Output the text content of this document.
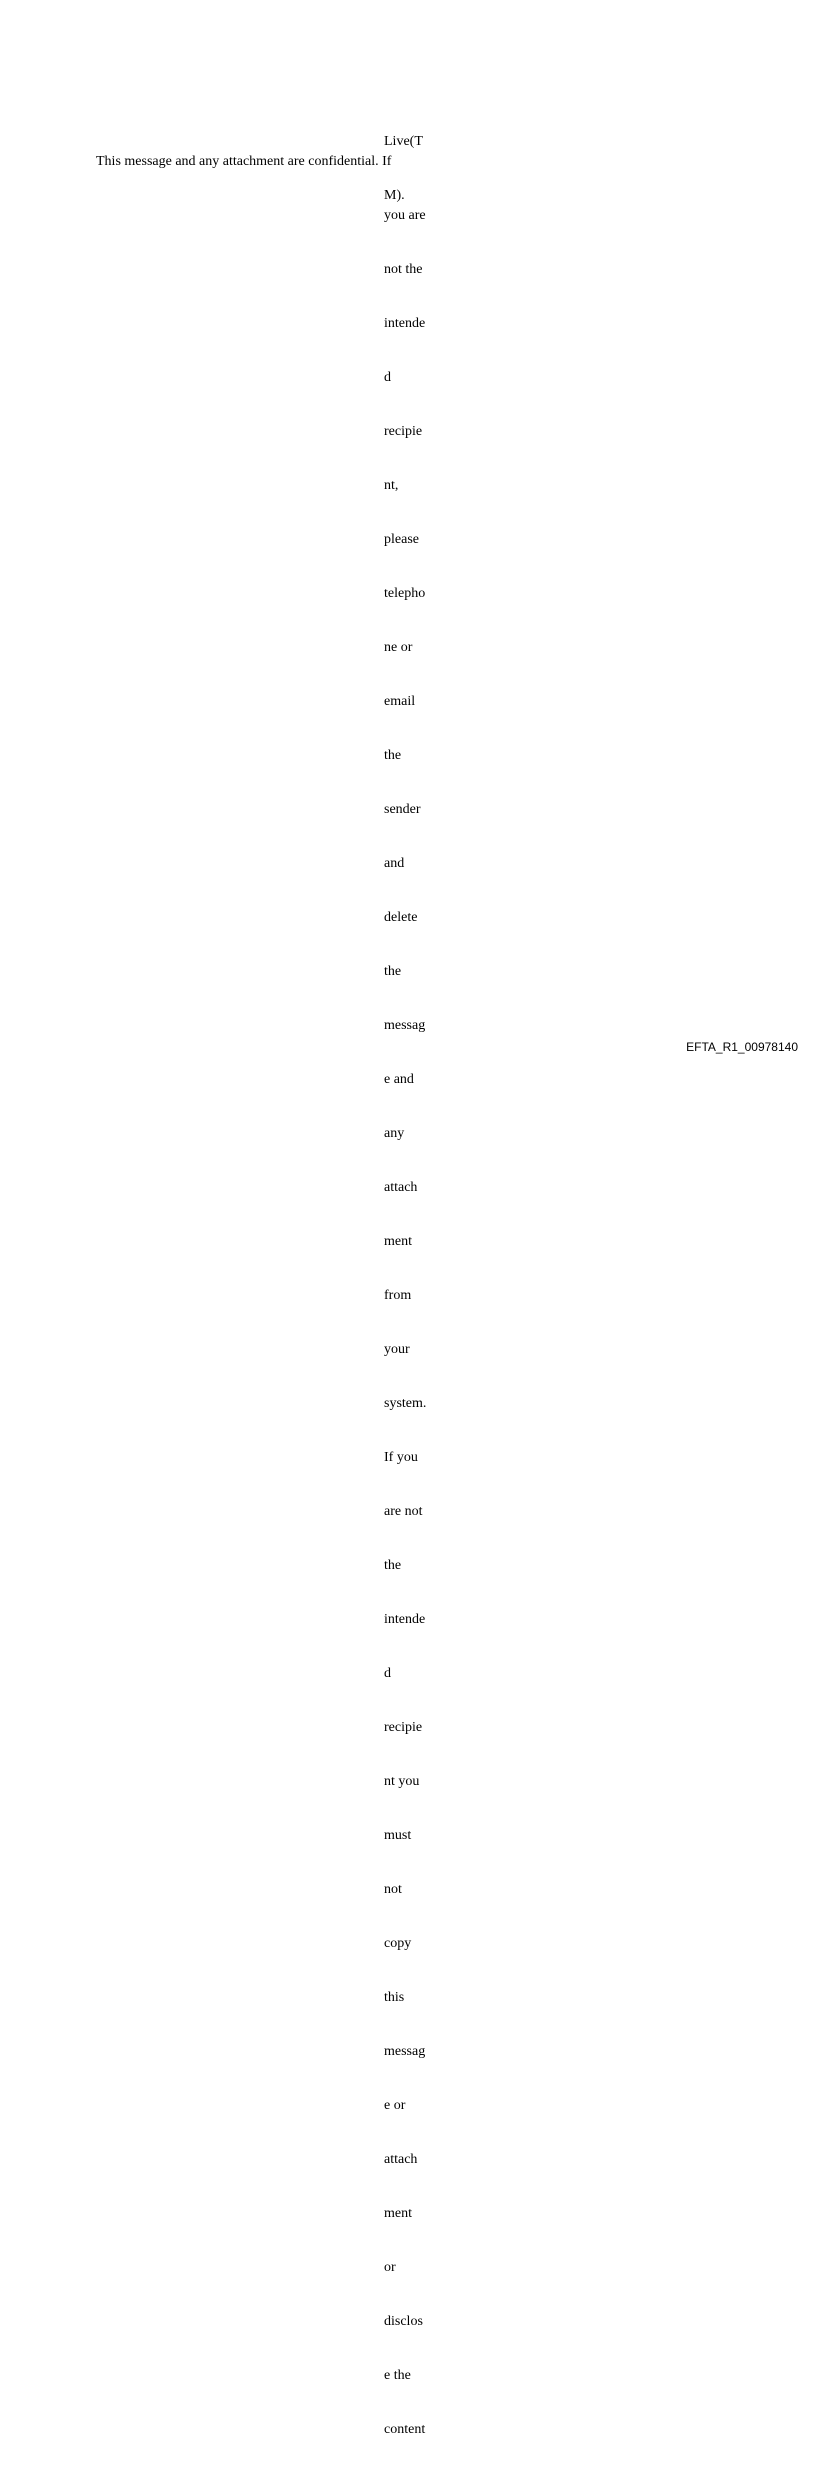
Live(T

M).

This message and any attachment are confidential. If

you are

not the

intende

d

recipie

nt,

please

telepho

ne or

email

the

sender

and

delete

the

messag

e and

any

attach

ment

from

your

system.

If you

are not

the

intende

d

recipie

nt you

must

not

copy

this

messag

e or

attach

ment

or

disclos

e the

content

EFTA_R1_00978140
